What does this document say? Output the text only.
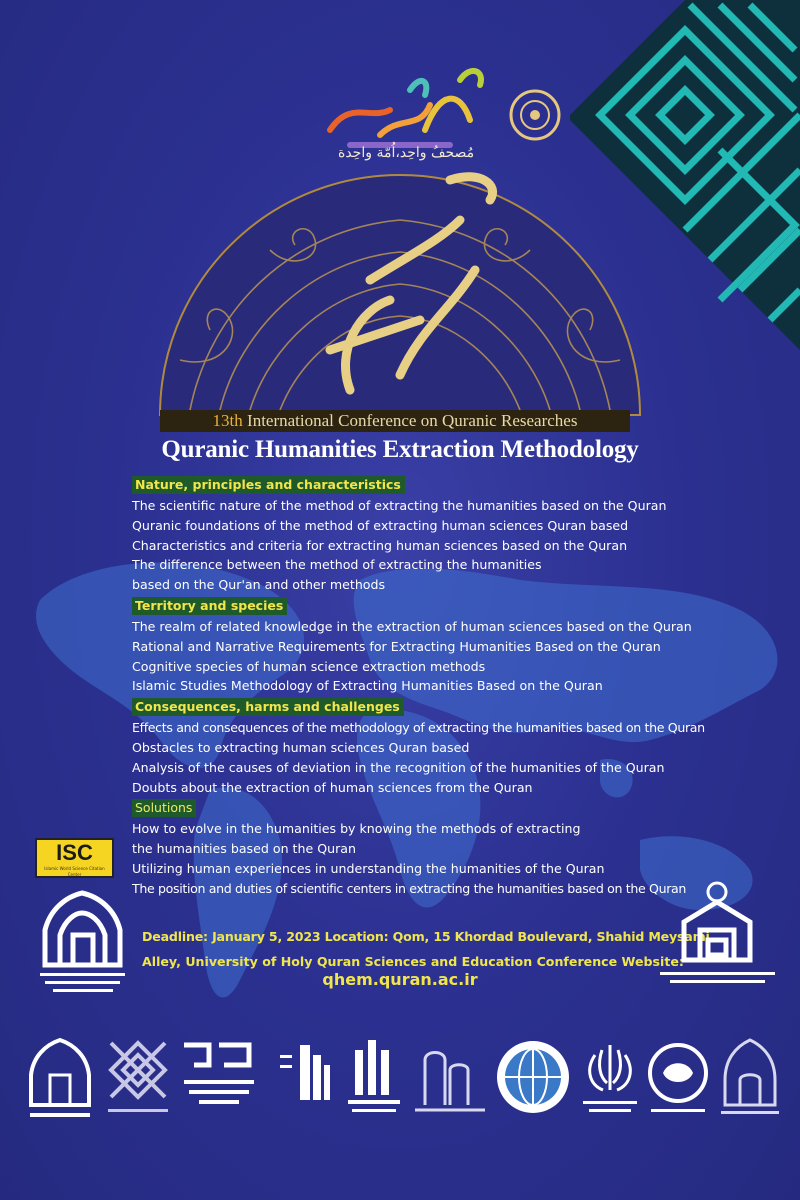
مُصحفُ واحِد،اُمّة واحِدة
13th International Conference on Quranic Researches
Quranic Humanities Extraction Methodology
Nature, principles and characteristics
The scientific nature of the method of extracting the humanities based on the Quran
Quranic foundations of the method of extracting human sciences Quran based
Characteristics and criteria for extracting human sciences based on the Quran
The difference between the method of extracting the humanities
based on the Qur'an and other methods
Territory and species
The realm of related knowledge in the extraction of human sciences based on the Quran
Rational and Narrative Requirements for Extracting Humanities Based on the Quran
Cognitive species of human science extraction methods
Islamic Studies Methodology of Extracting Humanities Based on the Quran
Consequences, harms and challenges
Effects and consequences of the methodology of extracting the humanities based on the Quran
Obstacles to extracting human sciences Quran based
Analysis of the causes of deviation in the recognition of the humanities of the Quran
Doubts about the extraction of human sciences from the Quran
Solutions
How to evolve in the humanities by knowing the methods of extracting
the humanities based on the Quran
Utilizing human experiences in understanding the humanities of the Quran
The position and duties of scientific centers in extracting the humanities based on the Quran
Deadline: January 5, 2023 Location: Qom, 15 Khordad Boulevard, Shahid Meysami
Alley, University of Holy Quran Sciences and Education Conference Website:
qhem.quran.ac.ir
ISC
Islamic World Science Citation Center
